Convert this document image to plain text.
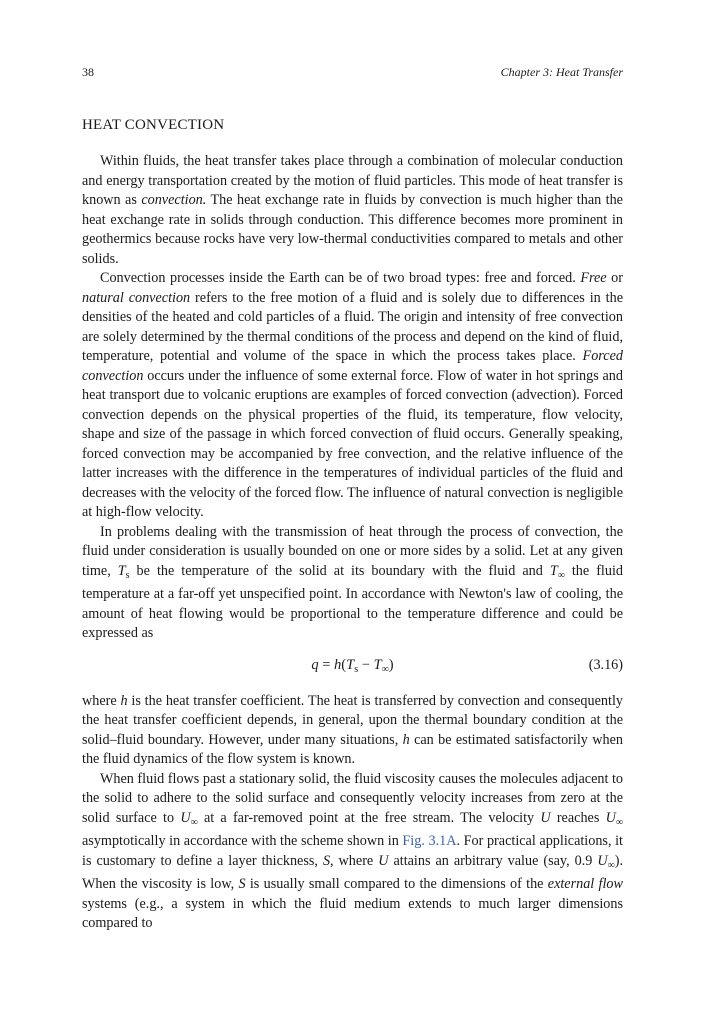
38	Chapter 3: Heat Transfer
HEAT CONVECTION

Within fluids, the heat transfer takes place through a combination of molecular conduction and energy transportation created by the motion of fluid particles. This mode of heat transfer is known as convection. The heat exchange rate in fluids by convection is much higher than the heat exchange rate in solids through conduction. This difference becomes more prominent in geothermics because rocks have very low-thermal conductivities compared to metals and other solids.

Convection processes inside the Earth can be of two broad types: free and forced. Free or natural convection refers to the free motion of a fluid and is solely due to differences in the densities of the heated and cold particles of a fluid. The origin and intensity of free convection are solely determined by the thermal conditions of the process and depend on the kind of fluid, temperature, potential and volume of the space in which the process takes place. Forced convection occurs under the influence of some external force. Flow of water in hot springs and heat transport due to volcanic eruptions are examples of forced convection (advection). Forced convection depends on the physical properties of the fluid, its temperature, flow velocity, shape and size of the passage in which forced convection of fluid occurs. Generally speaking, forced convection may be accompanied by free convection, and the relative influence of the latter increases with the difference in the temperatures of individual particles of the fluid and decreases with the velocity of the forced flow. The influence of natural convection is negligible at high-flow velocity.

In problems dealing with the transmission of heat through the process of convection, the fluid under consideration is usually bounded on one or more sides by a solid. Let at any given time, $T_s$ be the temperature of the solid at its boundary with the fluid and $T_\infty$ the fluid temperature at a far-off yet unspecified point. In accordance with Newton's law of cooling, the amount of heat flowing would be proportional to the temperature difference and could be expressed as

$q = h(T_s - T_\infty)$	(3.16)

where h is the heat transfer coefficient. The heat is transferred by convection and consequently the heat transfer coefficient depends, in general, upon the thermal boundary condition at the solid–fluid boundary. However, under many situations, h can be estimated satisfactorily when the fluid dynamics of the flow system is known.

When fluid flows past a stationary solid, the fluid viscosity causes the molecules adjacent to the solid to adhere to the solid surface and consequently velocity increases from zero at the solid surface to $U_\infty$ at a far-removed point at the free stream. The velocity U reaches $U_\infty$ asymptotically in accordance with the scheme shown in Fig. 3.1A. For practical applications, it is customary to define a layer thickness, S, where U attains an arbitrary value (say, 0.9 $U_\infty$). When the viscosity is low, S is usually small compared to the dimensions of the external flow systems (e.g., a system in which the fluid medium extends to much larger dimensions compared to
